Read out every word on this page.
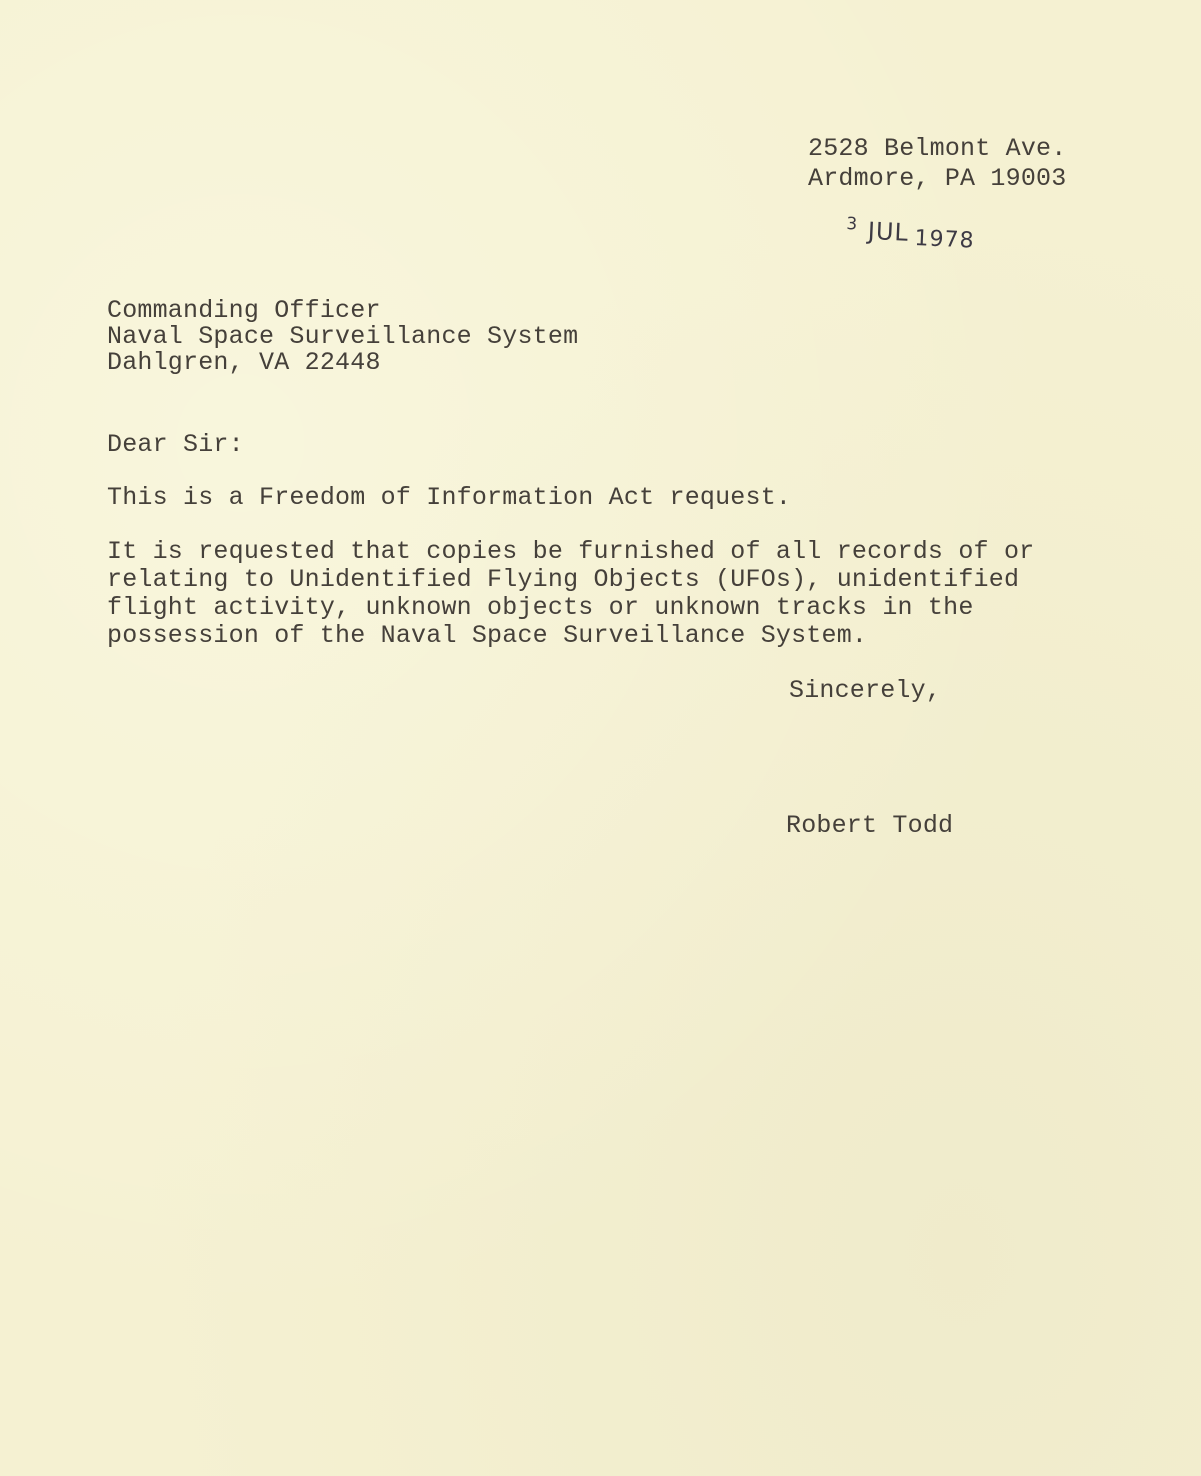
2528 Belmont Ave.
Ardmore, PA 19003
$^3$ JUL 1978
Commanding Officer
Naval Space Surveillance System
Dahlgren, VA 22448
Dear Sir:
This is a Freedom of Information Act request.
It is requested that copies be furnished of all records of or
relating to Unidentified Flying Objects (UFOs), unidentified
flight activity, unknown objects or unknown tracks in the
possession of the Naval Space Surveillance System.
Sincerely,
Robert Todd
